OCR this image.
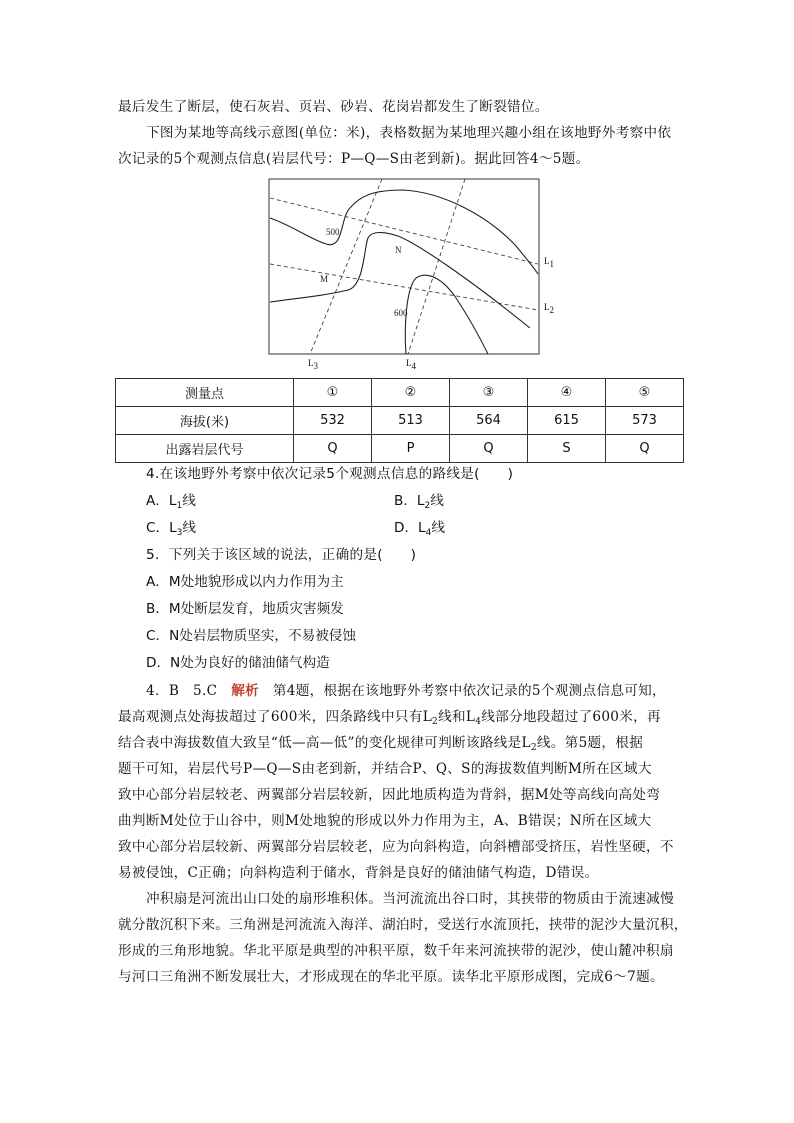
最后发生了断层，使石灰岩、页岩、砂岩、花岗岩都发生了断裂错位。
下图为某地等高线示意图(单位：米)，表格数据为某地理兴趣小组在该地野外考察中依
次记录的5个观测点信息(岩层代号：P—Q—S由老到新)。据此回答4～5题。
500
600
N
M
$L_1$
$L_2$
$L_3$	$L_4$
测量点	①	②	③	④	⑤
海拔(米)	532	513	564	615	573
出露岩层代号	Q	P	Q	S	Q
4.在该地野外考察中依次记录5个观测点信息的路线是(　　)
A．$L_1$线	B．$L_2$线
C．$L_3$线	D．$L_4$线
5．下列关于该区域的说法，正确的是(　　)
A．M处地貌形成以内力作用为主
B．M处断层发育，地质灾害频发
C．N处岩层物质坚实，不易被侵蚀
D．N处为良好的储油储气构造
4．B　5.C　解析　第4题，根据在该地野外考察中依次记录的5个观测点信息可知，
最高观测点处海拔超过了600米，四条路线中只有$L_2$线和$L_4$线部分地段超过了600米，再
结合表中海拔数值大致呈“低—高—低”的变化规律可判断该路线是$L_2$线。第5题，根据
题干可知，岩层代号P—Q—S由老到新，并结合P、Q、S的海拔数值判断M所在区域大
致中心部分岩层较老、两翼部分岩层较新，因此地质构造为背斜，据M处等高线向高处弯
曲判断M处位于山谷中，则M处地貌的形成以外力作用为主，A、B错误；N所在区域大
致中心部分岩层较新、两翼部分岩层较老，应为向斜构造，向斜槽部受挤压，岩性坚硬，不
易被侵蚀，C正确；向斜构造利于储水，背斜是良好的储油储气构造，D错误。
冲积扇是河流出山口处的扇形堆积体。当河流流出谷口时，其挟带的物质由于流速减慢
就分散沉积下来。三角洲是河流流入海洋、湖泊时，受送行水流顶托，挟带的泥沙大量沉积，
形成的三角形地貌。华北平原是典型的冲积平原，数千年来河流挟带的泥沙，使山麓冲积扇
与河口三角洲不断发展壮大，才形成现在的华北平原。读华北平原形成图，完成6～7题。
